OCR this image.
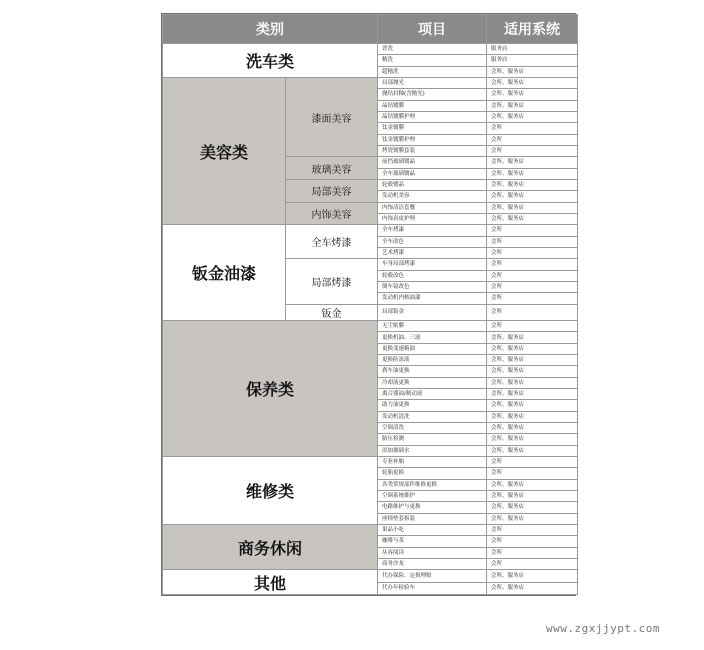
类别		项目	适用系统
洗车类		普洗	服务店
		精洗	服务店
		超精洗	会所、服务店
美容类	漆面美容	局部抛光	会所、服务店
		抛钻封釉(含抛光)	会所、服务店
		晶钻镀膜	会所、服务店
		晶钻镀膜护理	会所、服务店
		钛金镀膜	会所
		钛金镀膜护理	会所
		烤瓷镀膜套装	会所
	玻璃美容	前挡玻璃镀晶	会所、服务店
		全车玻璃镀晶	会所、服务店
	局部美容	轮毂镀晶	会所、服务店
		发动机美容	会所、服务店
	内饰美容	内饰清洁套餐	会所、服务店
		内饰真皮护理	会所、服务店
钣金油漆	全车烤漆	全车烤漆	会所
		全车改色	会所
		艺术烤漆	会所
	局部烤漆	车身局部烤漆	会所
		轮毂改色	会所
		倒车镜改色	会所
		发动机内核油漆	会所
	钣金	局部钣金	会所
保养类		无尘贴膜	会所
		更换机油、三滤	会所、服务店
		更换变速箱油	会所、服务店
		更换防冻液	会所、服务店
		刹车油更换	会所、服务店
		冷却液更换	会所、服务店
		离合器油/制动液	会所、服务店
		助力油更换	会所、服务店
		发动机清洗	会所、服务店
		空调清洗	会所、服务店
		胎压检测	会所、服务店
		添加玻璃水	会所、服务店
维修类		专业补胎	会所
		轮胎更换	会所
		各类常规部件维修更换	会所、服务店
		空调系统维护	会所、服务店
		电路维护与更换	会所、服务店
		座椅垫套拆装	会所、服务店
商务休闲		果品小吃	会所
		咖啡与茶	会所
		从容阅读	会所
		商务沙龙	会所
其他		代办保险、定损理赔	会所、服务店
		代办年检验车	会所、服务店
www.zgxjjypt.com
